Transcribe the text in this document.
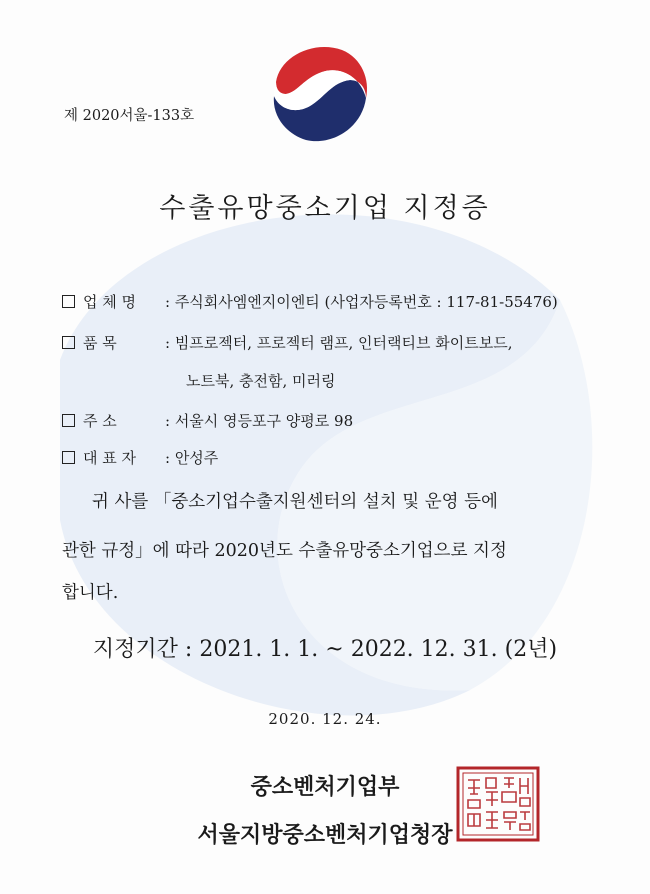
제 2020서울-133호
수출유망중소기업 지정증
업 체 명 : 주식회사엠엔지이엔티 (사업자등록번호 : 117-81-55476)
품 목	: 빔프로젝터, 프로젝터 램프, 인터랙티브 화이트보드,
노트북, 충전함, 미러링
주 소	: 서울시 영등포구 양평로 98
대 표 자 : 안성주
귀 사를 「중소기업수출지원센터의 설치 및 운영 등에
관한 규정」에 따라 2020년도 수출유망중소기업으로 지정
합니다.
지정기간 : 2021. 1. 1. ~ 2022. 12. 31. (2년)
2020. 12. 24.
중소벤처기업부
서울지방중소벤처기업청장
